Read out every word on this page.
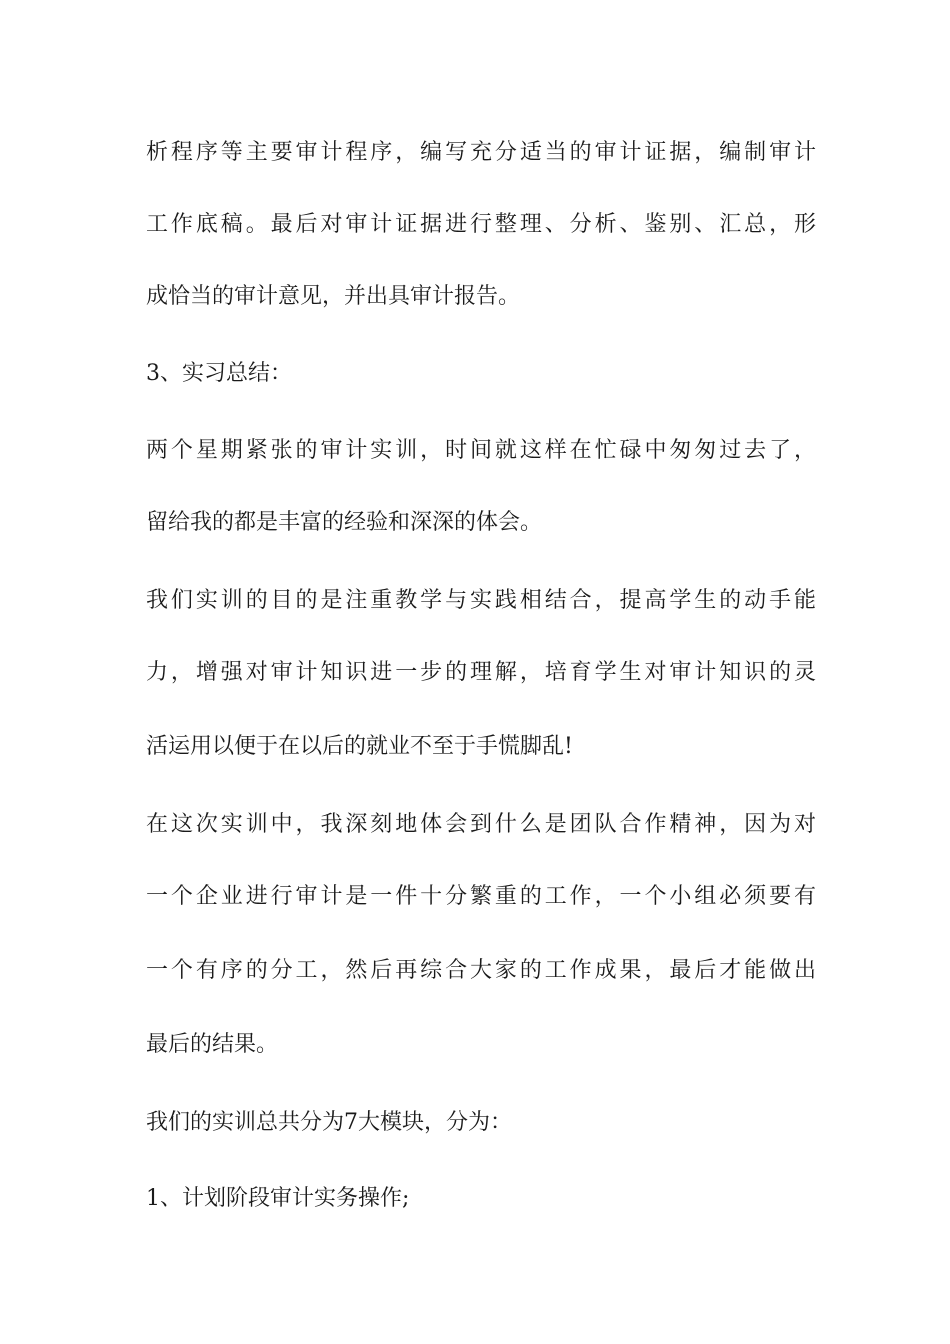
析程序等主要审计程序，编写充分适当的审计证据，编制审计
工作底稿。最后对审计证据进行整理、分析、鉴别、汇总，形
成恰当的审计意见，并出具审计报告。
3、实习总结：
两个星期紧张的审计实训，时间就这样在忙碌中匆匆过去了，
留给我的都是丰富的经验和深深的体会。
我们实训的目的是注重教学与实践相结合，提高学生的动手能
力，增强对审计知识进一步的理解，培育学生对审计知识的灵
活运用以便于在以后的就业不至于手慌脚乱!
在这次实训中，我深刻地体会到什么是团队合作精神，因为对
一个企业进行审计是一件十分繁重的工作，一个小组必须要有
一个有序的分工，然后再综合大家的工作成果，最后才能做出
最后的结果。
我们的实训总共分为7大模块，分为：
1、计划阶段审计实务操作;
